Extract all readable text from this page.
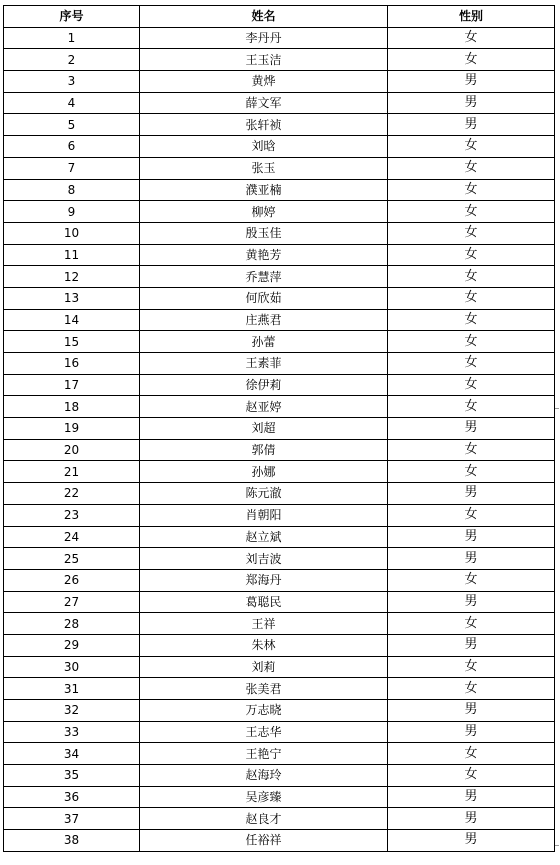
序号	姓名	性别
1	李丹丹	女
2	王玉洁	女
3	黄烨	男
4	薛文军	男
5	张轩祯	男
6	刘晗	女
7	张玉	女
8	濮亚楠	女
9	柳婷	女
10	殷玉佳	女
11	黄艳芳	女
12	乔慧萍	女
13	何欣茹	女
14	庄燕君	女
15	孙蕾	女
16	王素菲	女
17	徐伊莉	女
18	赵亚婷	女
19	刘超	男
20	郭倩	女
21	孙娜	女
22	陈元澈	男
23	肖朝阳	女
24	赵立斌	男
25	刘吉波	男
26	郑海丹	女
27	葛聪民	男
28	王祥	女
29	朱林	男
30	刘莉	女
31	张美君	女
32	万志晓	男
33	王志华	男
34	王艳宁	女
35	赵海玲	女
36	吴彦臻	男
37	赵良才	男
38	任裕祥	男
